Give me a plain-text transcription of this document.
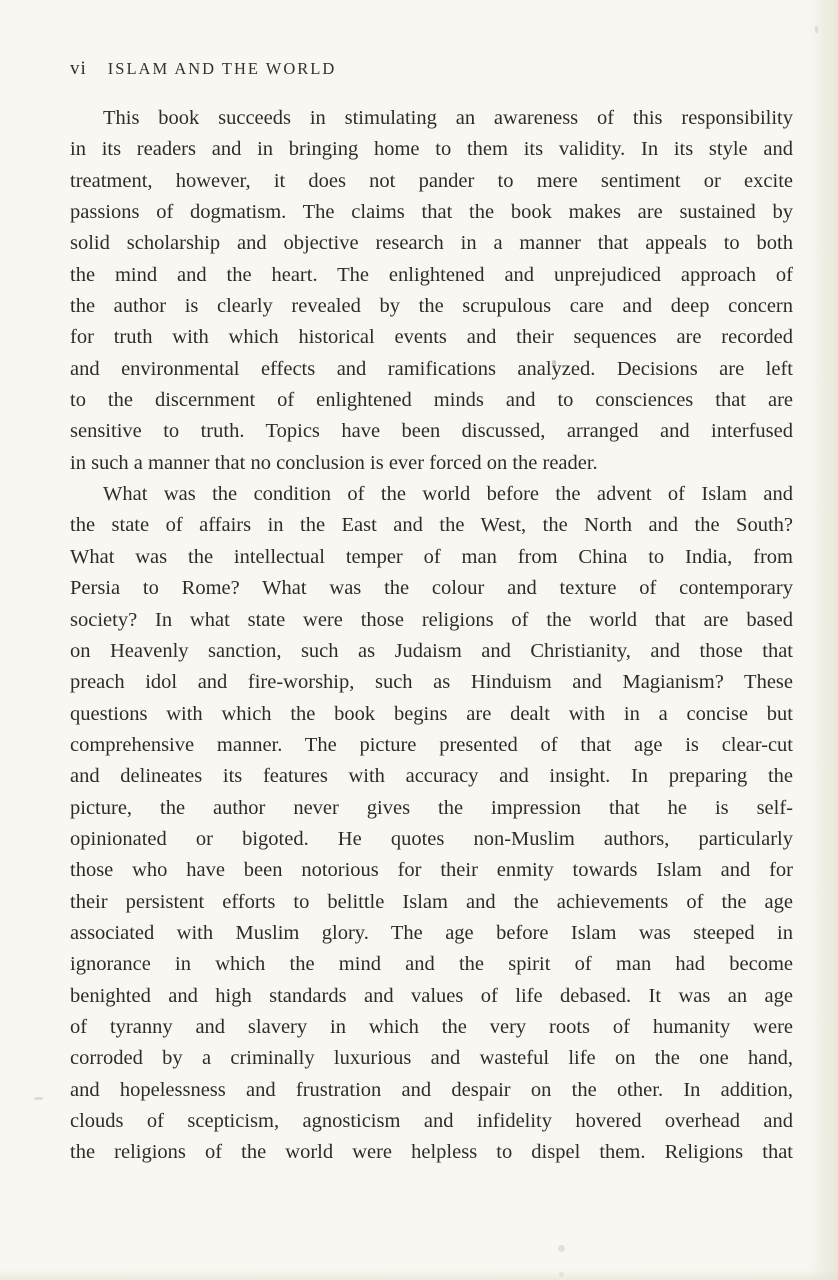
vi ISLAM AND THE WORLD
This book succeeds in stimulating an awareness of this responsibility
in its readers and in bringing home to them its validity. In its style and
treatment, however, it does not pander to mere sentiment or excite
passions of dogmatism. The claims that the book makes are sustained by
solid scholarship and objective research in a manner that appeals to both
the mind and the heart. The enlightened and unprejudiced approach of
the author is clearly revealed by the scrupulous care and deep concern
for truth with which historical events and their sequences are recorded
and environmental effects and ramifications analyzed. Decisions are left
to the discernment of enlightened minds and to consciences that are
sensitive to truth. Topics have been discussed, arranged and interfused
in such a manner that no conclusion is ever forced on the reader.
What was the condition of the world before the advent of Islam and
the state of affairs in the East and the West, the North and the South?
What was the intellectual temper of man from China to India, from
Persia to Rome? What was the colour and texture of contemporary
society? In what state were those religions of the world that are based
on Heavenly sanction, such as Judaism and Christianity, and those that
preach idol and fire-worship, such as Hinduism and Magianism? These
questions with which the book begins are dealt with in a concise but
comprehensive manner. The picture presented of that age is clear-cut
and delineates its features with accuracy and insight. In preparing the
picture, the author never gives the impression that he is self-
opinionated or bigoted. He quotes non-Muslim authors, particularly
those who have been notorious for their enmity towards Islam and for
their persistent efforts to belittle Islam and the achievements of the age
associated with Muslim glory. The age before Islam was steeped in
ignorance in which the mind and the spirit of man had become
benighted and high standards and values of life debased. It was an age
of tyranny and slavery in which the very roots of humanity were
corroded by a criminally luxurious and wasteful life on the one hand,
and hopelessness and frustration and despair on the other. In addition,
clouds of scepticism, agnosticism and infidelity hovered overhead and
the religions of the world were helpless to dispel them. Religions that
